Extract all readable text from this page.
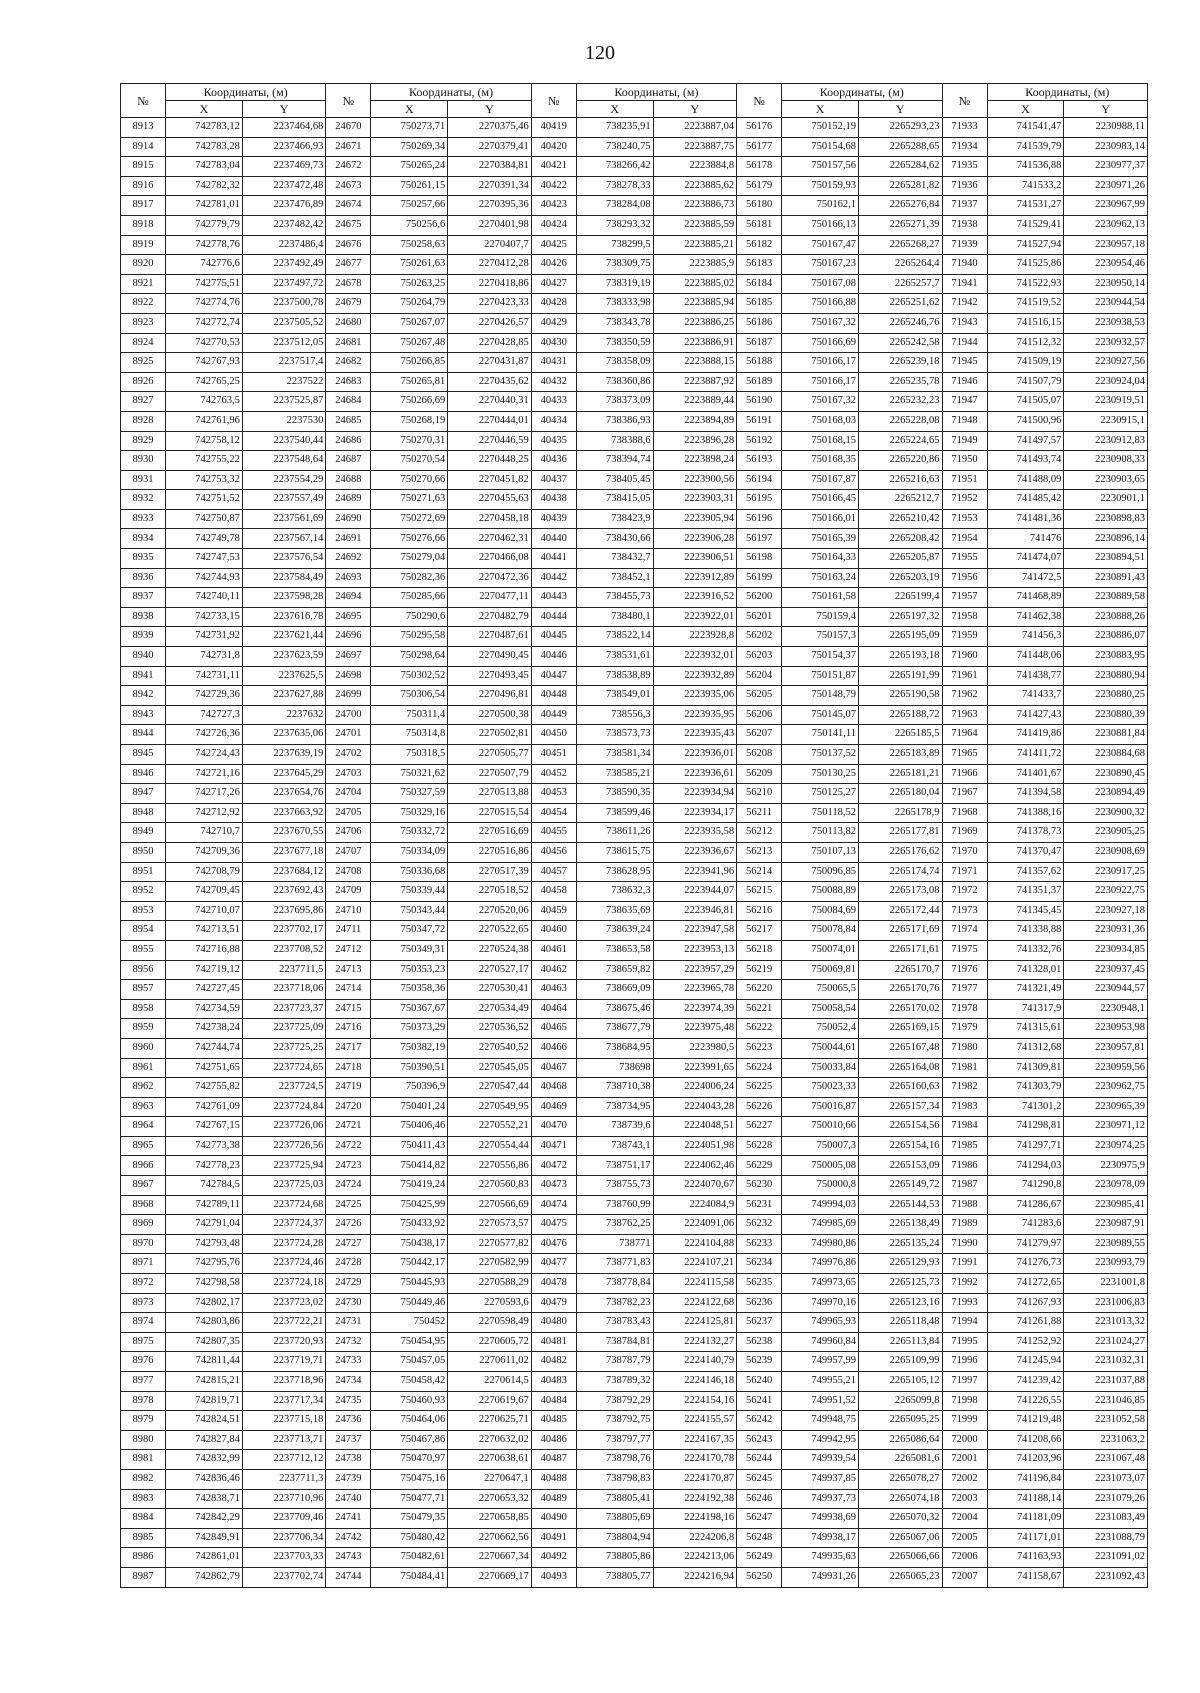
120
№	Координаты, (м)		№	Координаты, (м)		№	Координаты, (м)		№	Координаты, (м)		№	Координаты, (м)	
	X	Y		X	Y		X	Y		X	Y		X	Y
8913	742783,12	2237464,68	24670	750273,71	2270375,46	40419	738235,91	2223887,04	56176	750152,19	2265293,23	71933	741541,47	2230988,11
8914	742783,28	2237466,93	24671	750269,34	2270379,41	40420	738240,75	2223887,75	56177	750154,68	2265288,65	71934	741539,79	2230983,14
8915	742783,04	2237469,73	24672	750265,24	2270384,81	40421	738266,42	2223884,8	56178	750157,56	2265284,62	71935	741536,88	2230977,37
8916	742782,32	2237472,48	24673	750261,15	2270391,34	40422	738278,33	2223885,62	56179	750159,93	2265281,82	71936	741533,2	2230971,26
8917	742781,01	2237476,89	24674	750257,66	2270395,36	40423	738284,08	2223886,73	56180	750162,1	2265276,84	71937	741531,27	2230967,99
8918	742779,79	2237482,42	24675	750256,6	2270401,98	40424	738293,32	2223885,59	56181	750166,13	2265271,39	71938	741529,41	2230962,13
8919	742778,76	2237486,4	24676	750258,63	2270407,7	40425	738299,5	2223885,21	56182	750167,47	2265268,27	71939	741527,94	2230957,18
8920	742776,6	2237492,49	24677	750261,63	2270412,28	40426	738309,75	2223885,9	56183	750167,23	2265264,4	71940	741525,86	2230954,46
8921	742775,51	2237497,72	24678	750263,25	2270418,86	40427	738319,19	2223885,02	56184	750167,08	2265257,7	71941	741522,93	2230950,14
8922	742774,76	2237500,78	24679	750264,79	2270423,33	40428	738333,98	2223885,94	56185	750166,88	2265251,62	71942	741519,52	2230944,54
8923	742772,74	2237505,52	24680	750267,07	2270426,57	40429	738343,78	2223886,25	56186	750167,32	2265246,76	71943	741516,15	2230938,53
8924	742770,53	2237512,05	24681	750267,48	2270428,85	40430	738350,59	2223886,91	56187	750166,69	2265242,58	71944	741512,32	2230932,57
8925	742767,93	2237517,4	24682	750266,85	2270431,87	40431	738358,09	2223888,15	56188	750166,17	2265239,18	71945	741509,19	2230927,56
8926	742765,25	2237522	24683	750265,81	2270435,62	40432	738360,86	2223887,92	56189	750166,17	2265235,78	71946	741507,79	2230924,04
8927	742763,5	2237525,87	24684	750266,69	2270440,31	40433	738373,09	2223889,44	56190	750167,32	2265232,23	71947	741505,07	2230919,51
8928	742761,96	2237530	24685	750268,19	2270444,01	40434	738386,93	2223894,89	56191	750168,03	2265228,08	71948	741500,96	2230915,1
8929	742758,12	2237540,44	24686	750270,31	2270446,59	40435	738388,6	2223896,28	56192	750168,15	2265224,65	71949	741497,57	2230912,83
8930	742755,22	2237548,64	24687	750270,54	2270448,25	40436	738394,74	2223898,24	56193	750168,35	2265220,86	71950	741493,74	2230908,33
8931	742753,32	2237554,29	24688	750270,66	2270451,82	40437	738405,45	2223900,56	56194	750167,87	2265216,63	71951	741488,09	2230903,65
8932	742751,52	2237557,49	24689	750271,63	2270455,63	40438	738415,05	2223903,31	56195	750166,45	2265212,7	71952	741485,42	2230901,1
8933	742750,87	2237561,69	24690	750272,69	2270458,18	40439	738423,9	2223905,94	56196	750166,01	2265210,42	71953	741481,36	2230898,83
8934	742749,78	2237567,14	24691	750276,66	2270462,31	40440	738430,66	2223906,28	56197	750165,39	2265208,42	71954	741476	2230896,14
8935	742747,53	2237576,54	24692	750279,04	2270466,08	40441	738432,7	2223906,51	56198	750164,33	2265205,87	71955	741474,07	2230894,51
8936	742744,93	2237584,49	24693	750282,36	2270472,36	40442	738452,1	2223912,89	56199	750163,24	2265203,19	71956	741472,5	2230891,43
8937	742740,11	2237598,28	24694	750285,66	2270477,11	40443	738455,73	2223916,52	56200	750161,58	2265199,4	71957	741468,89	2230889,58
8938	742733,15	2237616,78	24695	750290,6	2270482,79	40444	738480,1	2223922,01	56201	750159,4	2265197,32	71958	741462,38	2230888,26
8939	742731,92	2237621,44	24696	750295,58	2270487,61	40445	738522,14	2223928,8	56202	750157,3	2265195,09	71959	741456,3	2230886,07
8940	742731,8	2237623,59	24697	750298,64	2270490,45	40446	738531,61	2223932,01	56203	750154,37	2265193,18	71960	741448,06	2230883,95
8941	742731,11	2237625,5	24698	750302,52	2270493,45	40447	738538,89	2223932,89	56204	750151,87	2265191,99	71961	741438,77	2230880,94
8942	742729,36	2237627,88	24699	750306,54	2270496,81	40448	738549,01	2223935,06	56205	750148,79	2265190,58	71962	741433,7	2230880,25
8943	742727,3	2237632	24700	750311,4	2270500,38	40449	738556,3	2223935,95	56206	750145,07	2265188,72	71963	741427,43	2230880,39
8944	742726,36	2237635,06	24701	750314,8	2270502,81	40450	738573,73	2223935,43	56207	750141,11	2265185,5	71964	741419,86	2230881,84
8945	742724,43	2237639,19	24702	750318,5	2270505,77	40451	738581,34	2223936,01	56208	750137,52	2265183,89	71965	741411,72	2230884,68
8946	742721,16	2237645,29	24703	750321,62	2270507,79	40452	738585,21	2223936,61	56209	750130,25	2265181,21	71966	741401,67	2230890,45
8947	742717,26	2237654,76	24704	750327,59	2270513,88	40453	738590,35	2223934,94	56210	750125,27	2265180,04	71967	741394,58	2230894,49
8948	742712,92	2237663,92	24705	750329,16	2270515,54	40454	738599,46	2223934,17	56211	750118,52	2265178,9	71968	741388,16	2230900,32
8949	742710,7	2237670,55	24706	750332,72	2270516,69	40455	738611,26	2223935,58	56212	750113,82	2265177,81	71969	741378,73	2230905,25
8950	742709,36	2237677,18	24707	750334,09	2270516,86	40456	738615,75	2223936,67	56213	750107,13	2265176,62	71970	741370,47	2230908,69
8951	742708,79	2237684,12	24708	750336,68	2270517,39	40457	738628,95	2223941,96	56214	750096,85	2265174,74	71971	741357,62	2230917,25
8952	742709,45	2237692,43	24709	750339,44	2270518,52	40458	738632,3	2223944,07	56215	750088,89	2265173,08	71972	741351,37	2230922,75
8953	742710,07	2237695,86	24710	750343,44	2270520,06	40459	738635,69	2223946,81	56216	750084,69	2265172,44	71973	741345,45	2230927,18
8954	742713,51	2237702,17	24711	750347,72	2270522,65	40460	738639,24	2223947,58	56217	750078,84	2265171,69	71974	741338,88	2230931,36
8955	742716,88	2237708,52	24712	750349,31	2270524,38	40461	738653,58	2223953,13	56218	750074,01	2265171,61	71975	741332,76	2230934,85
8956	742719,12	2237711,5	24713	750353,23	2270527,17	40462	738659,82	2223957,29	56219	750069,81	2265170,7	71976	741328,01	2230937,45
8957	742727,45	2237718,06	24714	750358,36	2270530,41	40463	738669,09	2223965,78	56220	750065,5	2265170,76	71977	741321,49	2230944,57
8958	742734,59	2237723,37	24715	750367,67	2270534,49	40464	738675,46	2223974,39	56221	750058,54	2265170,02	71978	741317,9	2230948,1
8959	742738,24	2237725,09	24716	750373,29	2270536,52	40465	738677,79	2223975,48	56222	750052,4	2265169,15	71979	741315,61	2230953,98
8960	742744,74	2237725,25	24717	750382,19	2270540,52	40466	738684,95	2223980,5	56223	750044,61	2265167,48	71980	741312,68	2230957,81
8961	742751,65	2237724,65	24718	750390,51	2270545,05	40467	738698	2223991,65	56224	750033,84	2265164,08	71981	741309,81	2230959,56
8962	742755,82	2237724,5	24719	750396,9	2270547,44	40468	738710,38	2224006,24	56225	750023,33	2265160,63	71982	741303,79	2230962,75
8963	742761,09	2237724,84	24720	750401,24	2270549,95	40469	738734,95	2224043,28	56226	750016,87	2265157,34	71983	741301,2	2230965,39
8964	742767,15	2237726,06	24721	750406,46	2270552,21	40470	738739,6	2224048,51	56227	750010,66	2265154,56	71984	741298,81	2230971,12
8965	742773,38	2237726,56	24722	750411,43	2270554,44	40471	738743,1	2224051,98	56228	750007,3	2265154,16	71985	741297,71	2230974,25
8966	742778,23	2237725,94	24723	750414,82	2270556,86	40472	738751,17	2224062,46	56229	750005,08	2265153,09	71986	741294,03	2230975,9
8967	742784,5	2237725,03	24724	750419,24	2270560,83	40473	738755,73	2224070,67	56230	750000,8	2265149,72	71987	741290,8	2230978,09
8968	742789,11	2237724,68	24725	750425,99	2270566,69	40474	738760,99	2224084,9	56231	749994,03	2265144,53	71988	741286,67	2230985,41
8969	742791,04	2237724,37	24726	750433,92	2270573,57	40475	738762,25	2224091,06	56232	749985,69	2265138,49	71989	741283,6	2230987,91
8970	742793,48	2237724,28	24727	750438,17	2270577,82	40476	738771	2224104,88	56233	749980,86	2265135,24	71990	741279,97	2230989,55
8971	742795,76	2237724,46	24728	750442,17	2270582,99	40477	738771,83	2224107,21	56234	749976,86	2265129,93	71991	741276,73	2230993,79
8972	742798,58	2237724,18	24729	750445,93	2270588,29	40478	738778,84	2224115,58	56235	749973,65	2265125,73	71992	741272,65	2231001,8
8973	742802,17	2237723,02	24730	750449,46	2270593,6	40479	738782,23	2224122,68	56236	749970,16	2265123,16	71993	741267,93	2231006,83
8974	742803,86	2237722,21	24731	750452	2270598,49	40480	738783,43	2224125,81	56237	749965,93	2265118,48	71994	741261,88	2231013,32
8975	742807,35	2237720,93	24732	750454,95	2270605,72	40481	738784,81	2224132,27	56238	749960,84	2265113,84	71995	741252,92	2231024,27
8976	742811,44	2237719,71	24733	750457,05	2270611,02	40482	738787,79	2224140,79	56239	749957,99	2265109,99	71996	741245,94	2231032,31
8977	742815,21	2237718,96	24734	750458,42	2270614,5	40483	738789,32	2224146,18	56240	749955,21	2265105,12	71997	741239,42	2231037,88
8978	742819,71	2237717,34	24735	750460,93	2270619,67	40484	738792,29	2224154,16	56241	749951,52	2265099,8	71998	741226,55	2231046,85
8979	742824,51	2237715,18	24736	750464,06	2270625,71	40485	738792,75	2224155,57	56242	749948,75	2265095,25	71999	741219,48	2231052,58
8980	742827,84	2237713,71	24737	750467,86	2270632,02	40486	738797,77	2224167,35	56243	749942,95	2265086,64	72000	741208,66	2231063,2
8981	742832,99	2237712,12	24738	750470,97	2270638,61	40487	738798,76	2224170,78	56244	749939,54	2265081,6	72001	741203,96	2231067,48
8982	742836,46	2237711,3	24739	750475,16	2270647,1	40488	738798,83	2224170,87	56245	749937,85	2265078,27	72002	741196,84	2231073,07
8983	742838,71	2237710,96	24740	750477,71	2270653,32	40489	738805,41	2224192,38	56246	749937,73	2265074,18	72003	741188,14	2231079,26
8984	742842,29	2237709,46	24741	750479,35	2270658,85	40490	738805,69	2224198,16	56247	749938,69	2265070,32	72004	741181,09	2231083,49
8985	742849,91	2237706,34	24742	750480,42	2270662,56	40491	738804,94	2224206,8	56248	749938,17	2265067,06	72005	741171,01	2231088,79
8986	742861,01	2237703,33	24743	750482,61	2270667,34	40492	738805,86	2224213,06	56249	749935,63	2265066,66	72006	741163,93	2231091,02
8987	742862,79	2237702,74	24744	750484,41	2270669,17	40493	738805,77	2224216,94	56250	749931,26	2265065,23	72007	741158,67	2231092,43
